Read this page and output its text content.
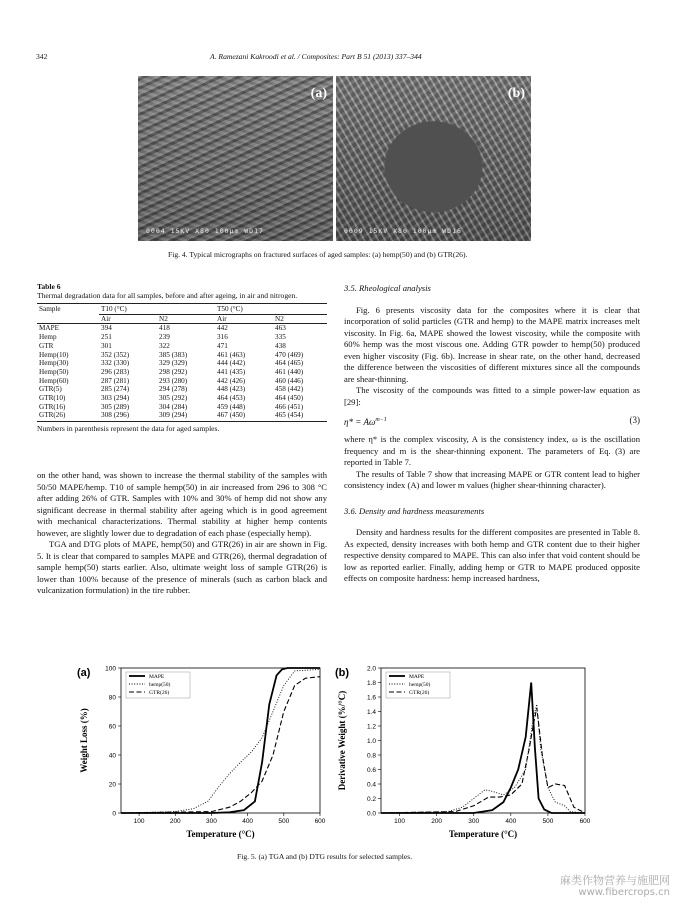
342	A. Ramezani Kakroodi et al. / Composites: Part B 51 (2013) 337–344
(a)
0004 15KV X80 100µm WD17
(b)
0009 15KV X80 100µm WD16
Fig. 4. Typical micrographs on fractured surfaces of aged samples: (a) hemp(50) and (b) GTR(26).
Table 6
Thermal degradation data for all samples, before and after ageing, in air and nitrogen.
Sample	T10 (°C)		T50 (°C)	
	Air	N2	Air	N2
MAPE	394	418	442	463
Hemp	251	239	316	335
GTR	301	322	471	438
Hemp(10)	352 (352)	385 (383)	461 (463)	470 (469)
Hemp(30)	332 (330)	329 (329)	444 (442)	464 (465)
Hemp(50)	296 (283)	298 (292)	441 (435)	461 (440)
Hemp(60)	287 (281)	293 (280)	442 (426)	460 (446)
GTR(5)	285 (274)	294 (278)	448 (423)	458 (442)
GTR(10)	303 (294)	305 (292)	464 (453)	464 (450)
GTR(16)	305 (289)	304 (284)	459 (448)	466 (451)
GTR(26)	308 (296)	309 (294)	467 (450)	465 (454)
Numbers in parenthesis represent the data for aged samples.

on the other hand, was shown to increase the thermal stability of the samples with 50/50 MAPE/hemp. T10 of sample hemp(50) in air increased from 296 to 308 °C after adding 26% of GTR. Samples with 10% and 30% of hemp did not show any significant decrease in thermal stability after ageing which is in good agreement with mechanical characterizations. Thermal stability at higher hemp contents however, are slightly lower due to degradation of each phase (especially hemp).

TGA and DTG plots of MAPE, hemp(50) and GTR(26) in air are shown in Fig. 5. It is clear that compared to samples MAPE and GTR(26), thermal degradation of sample hemp(50) starts earlier. Also, ultimate weight loss of sample GTR(26) is lower than 100% because of the presence of minerals (such as carbon black and vulcanization formulation) in the tire rubber.

3.5. Rheological analysis

Fig. 6 presents viscosity data for the composites where it is clear that incorporation of solid particles (GTR and hemp) to the MAPE matrix increases melt viscosity. In Fig. 6a, MAPE showed the lowest viscosity, while the composite with 60% hemp was the most viscous one. Adding GTR powder to hemp(50) produced even higher viscosity (Fig. 6b). Increase in shear rate, on the other hand, decreased the difference between the viscosities of different mixtures since all the compounds are shear-thinning.

The viscosity of the compounds was fitted to a simple power-law equation as [29]:

$\eta* = A\omega^{m-1}$	(3)

where η* is the complex viscosity, A is the consistency index, ω is the oscillation frequency and m is the shear-thinning exponent. The parameters of Eq. (3) are reported in Table 7.

The results of Table 7 show that increasing MAPE or GTR content lead to higher consistency index (A) and lower m values (higher shear-thinning character).

3.6. Density and hardness measurements

Density and hardness results for the different composites are presented in Table 8. As expected, density increases with both hemp and GTR content due to their higher respective density compared to MAPE. This can also infer that void content should be low as reported earlier. Finally, adding hemp or GTR to MAPE produced opposite effects on composite hardness: hemp increased hardness,

100	200	300	400	500	600
0
20
40
60
80
100
Temperature (°C)
Weight Loss (%)
(a)	MAPE
hemp(50)
GTR(26)
100	200	300	400	500	600
0.0
0.2
0.4
0.6
0.8
1.0
1.2
1.4
1.6
1.8
2.0
Temperature (°C)
Derivative Weight (%/°C)
(b)	MAPE
hemp(50)
GTR(26)
Fig. 5. (a) TGA and (b) DTG results for selected samples.
麻类作物营养与施肥网
www.fibercrops.cn
